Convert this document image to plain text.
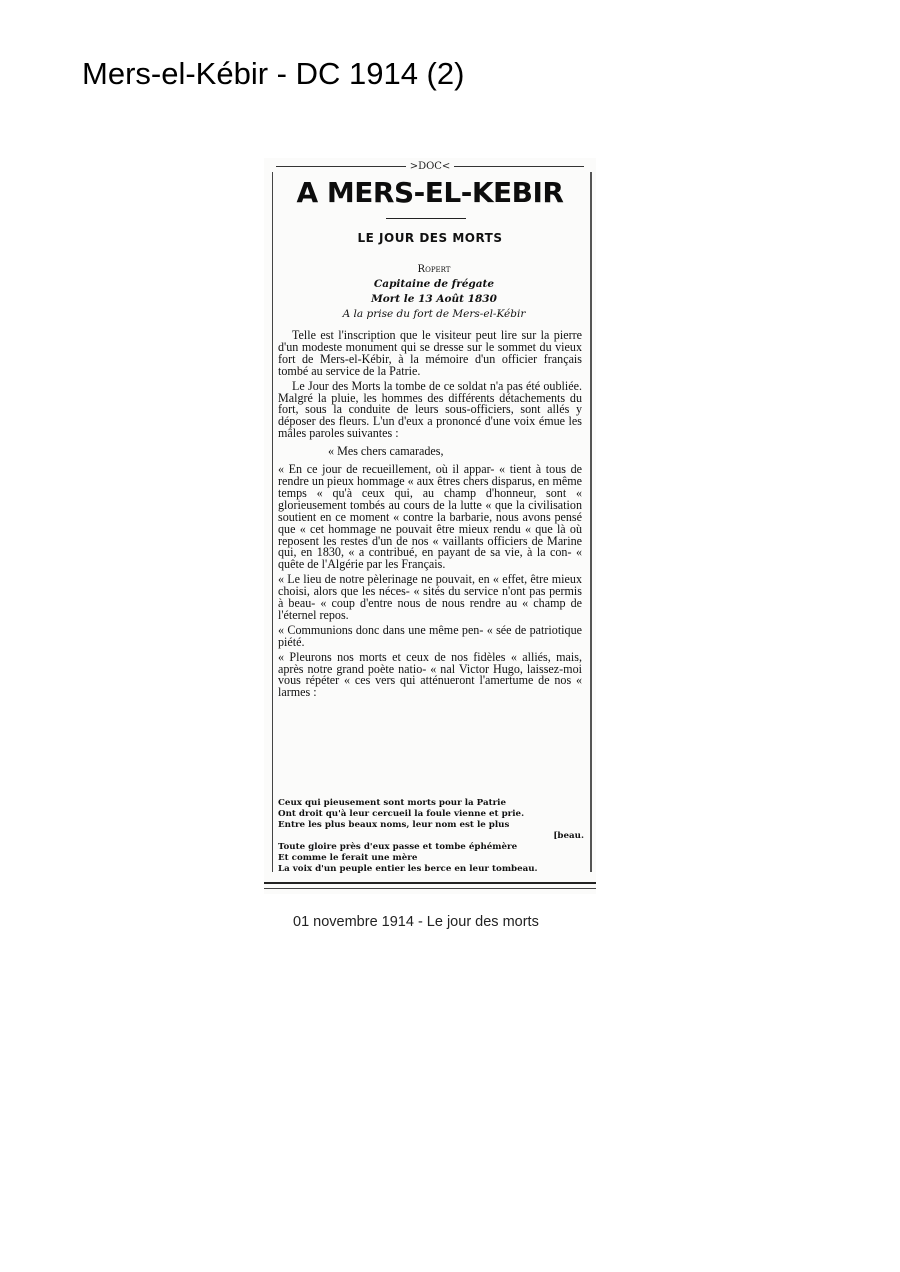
Mers-el-Kébir - DC 1914 (2)
>DOC<
A MERS-EL-KEBIR
LE JOUR DES MORTS
Ropert
Capitaine de frégate
Mort le 13 Août 1830
A la prise du fort de Mers-el-Kébir

Telle est l'inscription que le visiteur peut lire sur la pierre d'un modeste monument qui se dresse sur le sommet du vieux fort de Mers-el-Kébir, à la mémoire d'un officier français tombé au service de la Patrie.

Le Jour des Morts la tombe de ce soldat n'a pas été oubliée. Malgré la pluie, les hommes des différents détachements du fort, sous la conduite de leurs sous-officiers, sont allés y déposer des fleurs. L'un d'eux a prononcé d'une voix émue les mâles paroles suivantes :

« Mes chers camarades,

« En ce jour de recueillement, où il appar- « tient à tous de rendre un pieux hommage « aux êtres chers disparus, en même temps « qu'à ceux qui, au champ d'honneur, sont « glorieusement tombés au cours de la lutte « que la civilisation soutient en ce moment « contre la barbarie, nous avons pensé que « cet hommage ne pouvait être mieux rendu « que là où reposent les restes d'un de nos « vaillants officiers de Marine qui, en 1830, « a contribué, en payant de sa vie, à la con- « quête de l'Algérie par les Français.

« Le lieu de notre pèlerinage ne pouvait, en « effet, être mieux choisi, alors que les néces- « sités du service n'ont pas permis à beau- « coup d'entre nous de nous rendre au « champ de l'éternel repos.

« Communions donc dans une même pen- « sée de patriotique piété.

« Pleurons nos morts et ceux de nos fidèles « alliés, mais, après notre grand poète natio- « nal Victor Hugo, laissez-moi vous répéter « ces vers qui atténueront l'amertume de nos « larmes :

Ceux qui pieusement sont morts pour la Patrie
Ont droit qu'à leur cercueil la foule vienne et prie.
Entre les plus beaux noms, leur nom est le plus
[beau.
Toute gloire près d'eux passe et tombe éphémère
Et comme le ferait une mère
La voix d'un peuple entier les berce en leur tombeau.
01 novembre 1914 - Le jour des morts
